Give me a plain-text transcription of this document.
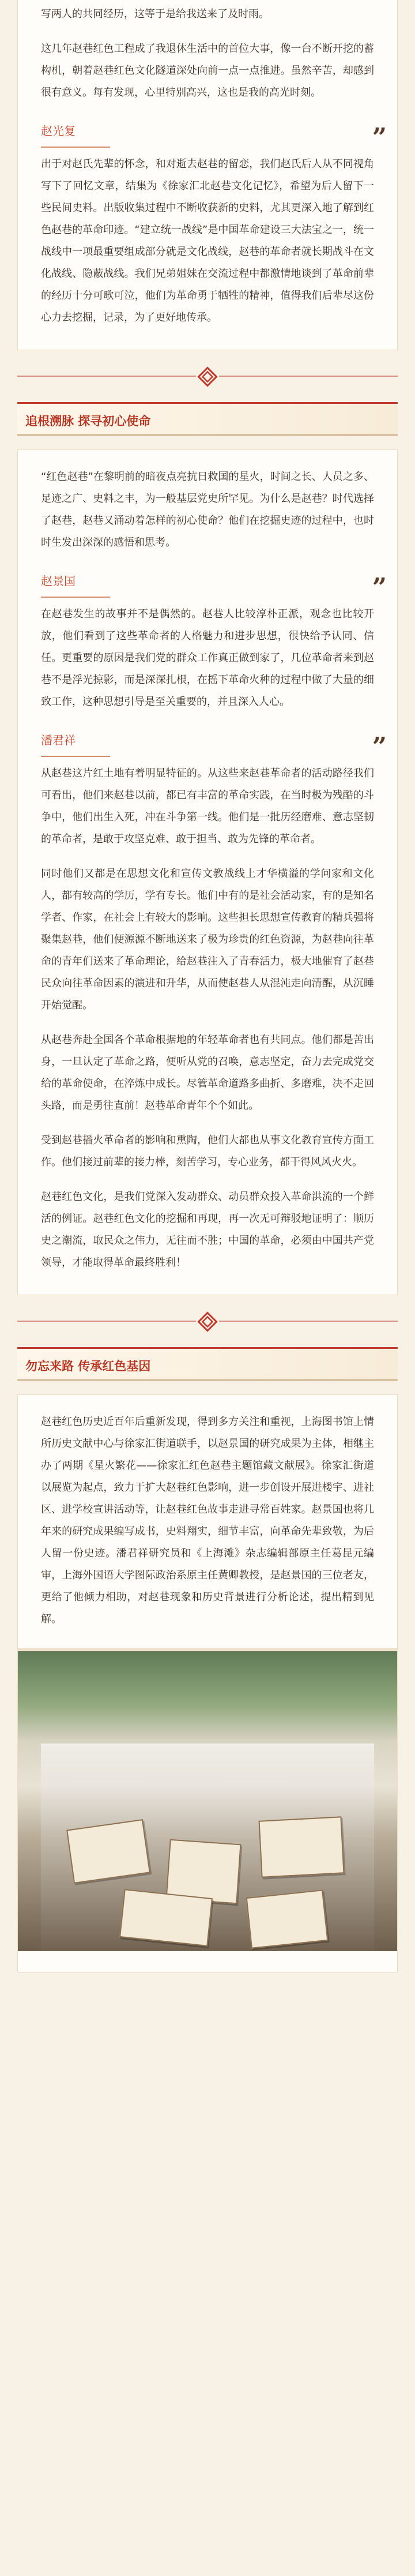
写两人的共同经历，这等于是给我送来了及时雨。

这几年赵巷红色工程成了我退休生活中的首位大事，像一台不断开挖的蓄构机，朝着赵巷红色文化隧道深处向前一点一点推进。虽然辛苦，却感到很有意义。每有发现，心里特别高兴，这也是我的高光时刻。

赵光复	”

出于对赵氏先辈的怀念，和对逝去赵巷的留恋，我们赵氏后人从不同视角写下了回忆文章，结集为《徐家汇北赵巷文化记忆》，希望为后人留下一些民间史料。出版收集过程中不断收获新的史料，尤其更深入地了解到红色赵巷的革命印迹。“建立统一战线”是中国革命建设三大法宝之一，统一战线中一项最重要组成部分就是文化战线，赵巷的革命者就长期战斗在文化战线、隐蔽战线。我们兄弟姐妹在交流过程中都激情地谈到了革命前辈的经历十分可歌可泣，他们为革命勇于牺牲的精神，值得我们后辈尽这份心力去挖掘，记录，为了更好地传承。

追根溯脉 探寻初心使命

“红色赵巷”在黎明前的暗夜点亮抗日救国的星火，时间之长、人员之多、足迹之广、史料之丰，为一般基层党史所罕见。为什么是赵巷？时代选择了赵巷，赵巷又涌动着怎样的初心使命？他们在挖掘史迹的过程中，也时时生发出深深的感悟和思考。

赵景国	”

在赵巷发生的故事并不是偶然的。赵巷人比较淳朴正派，观念也比较开放，他们看到了这些革命者的人格魅力和进步思想，很快给予认同、信任。更重要的原因是我们党的群众工作真正做到家了，几位革命者来到赵巷不是浮光掠影，而是深深扎根，在摇下革命火种的过程中做了大量的细致工作，这种思想引导是至关重要的，并且深入人心。

潘君祥	”

从赵巷这片红土地有着明显特征的。从这些来赵巷革命者的活动路径我们可看出，他们来赵巷以前，都已有丰富的革命实践，在当时极为残酷的斗争中，他们出生入死，冲在斗争第一线。他们是一批历经磨难、意志坚韧的革命者，是敢于攻坚克难、敢于担当、敢为先锋的革命者。

同时他们又都是在思想文化和宣传文教战线上才华横溢的学问家和文化人，都有较高的学历，学有专长。他们中有的是社会活动家，有的是知名学者、作家，在社会上有较大的影响。这些担长思想宣传教育的精兵强将聚集赵巷，他们便源源不断地送来了极为珍贵的红色资源，为赵巷向往革命的青年们送来了革命理论，给赵巷注入了青春活力，极大地催育了赵巷民众向往革命因素的演进和升华，从而使赵巷人从混沌走向清醒，从沉睡开始觉醒。

从赵巷奔赴全国各个革命根据地的年轻革命者也有共同点。他们都是苦出身，一旦认定了革命之路，便听从党的召唤，意志坚定，奋力去完成党交给的革命使命，在淬炼中成长。尽管革命道路多曲折、多磨难，决不走回头路，而是勇往直前！赵巷革命青年个个如此。

受到赵巷播火革命者的影响和熏陶，他们大都也从事文化教育宣传方面工作。他们接过前辈的接力棒，刻苦学习，专心业务，都干得风风火火。

赵巷红色文化，是我们党深入发动群众、动员群众投入革命洪流的一个鲜活的例证。赵巷红色文化的挖掘和再现，再一次无可辩驳地证明了：顺历史之潮流，取民众之伟力，无往而不胜；中国的革命，必须由中国共产党领导，才能取得革命最终胜利！

勿忘来路 传承红色基因

赵巷红色历史近百年后重新发现，得到多方关注和重视，上海图书馆上情所历史文献中心与徐家汇街道联手，以赵景国的研究成果为主体，相继主办了两期《星火繁花——徐家汇红色赵巷主题馆藏文献展》。徐家汇街道以展览为起点，致力于扩大赵巷红色影响，进一步创设开展进楼宇、进社区、进学校宣讲活动等，让赵巷红色故事走进寻常百姓家。赵景国也将几年来的研究成果编写成书，史料翔实，细节丰富，向革命先辈致敬，为后人留一份史迹。潘君祥研究员和《上海滩》杂志编辑部原主任葛昆元编审，上海外国语大学图际政治系原主任黄卿教授，是赵景国的三位老友，更给了他倾力相助，对赵巷现象和历史背景进行分析论述，提出精到见解。
